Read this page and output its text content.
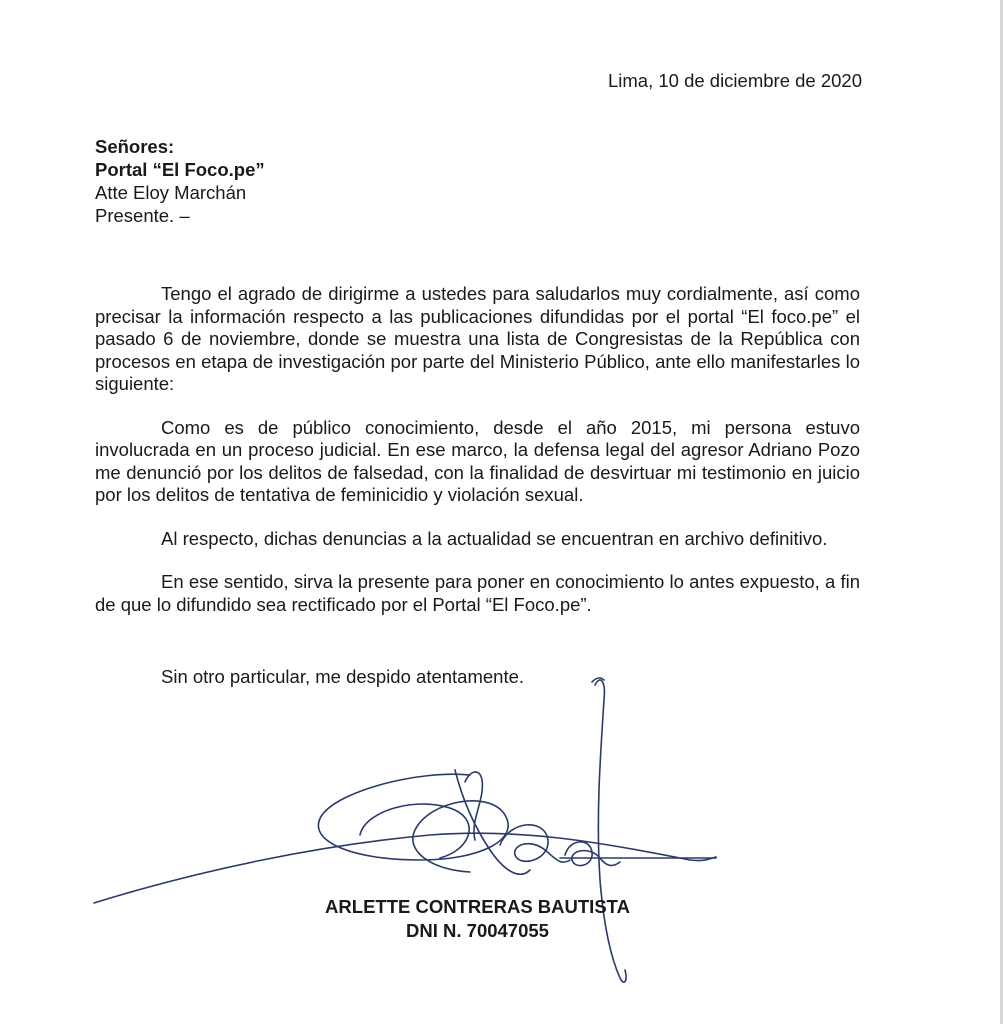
Lima, 10 de diciembre de 2020
Señores:
Portal “El Foco.pe”
Atte Eloy Marchán
Presente. –

Tengo el agrado de dirigirme a ustedes para saludarlos muy cordialmente, así como precisar la información respecto a las publicaciones difundidas por el portal “El foco.pe” el pasado 6 de noviembre, donde se muestra una lista de Congresistas de la República con procesos en etapa de investigación por parte del Ministerio Público, ante ello manifestarles lo siguiente:

Como es de público conocimiento, desde el año 2015, mi persona estuvo involucrada en un proceso judicial. En ese marco, la defensa legal del agresor Adriano Pozo me denunció por los delitos de falsedad, con la finalidad de desvirtuar mi testimonio en juicio por los delitos de tentativa de feminicidio y violación sexual.

Al respecto, dichas denuncias a la actualidad se encuentran en archivo definitivo.

En ese sentido, sirva la presente para poner en conocimiento lo antes expuesto, a fin de que lo difundido sea rectificado por el Portal “El Foco.pe”.

Sin otro particular, me despido atentamente.
ARLETTE CONTRERAS BAUTISTA
DNI N. 70047055
